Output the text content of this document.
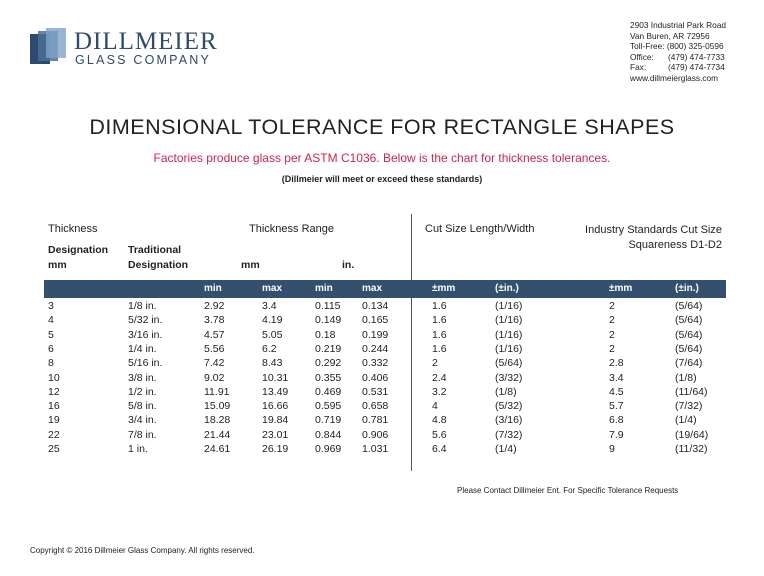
DILLMEIER
GLASS COMPANY
2903 Industrial Park Road
Van Buren, AR 72956
Toll-Free: (800) 325-0596
Office: (479) 474-7733
Fax:	(479) 474-7734
www.dillmeierglass.com
DIMENSIONAL TOLERANCE FOR RECTANGLE SHAPES
Factories produce glass per ASTM C1036. Below is the chart for thickness tolerances.
(Dillmeier will meet or exceed these standards)
Thickness	Thickness Range	Cut Size Length/Width	Industry Standards Cut Size
Squareness D1-D2
Designation
mm
Traditional
Designation	mm	in.
min	max	min	max	±mm	(±in.)	±mm	(±in.)
3	1/8 in.	2.92	3.4	0.115 0.134	1.6	(1/16)	2	(5/64)
4	5/32 in.	3.78	4.19	0.149 0.165	1.6	(1/16)	2	(5/64)
5	3/16 in.	4.57	5.05	0.18	0.199	1.6	(1/16)	2	(5/64)
6	1/4 in.	5.56	6.2	0.219 0.244	1.6	(1/16)	2	(5/64)
8	5/16 in.	7.42	8.43	0.292 0.332	2	(5/64)	2.8	(7/64)
10	3/8 in.	9.02	10.31	0.355 0.406	2.4	(3/32)	3.4	(1/8)
12	1/2 in.	11.91	13.49	0.469 0.531	3.2	(1/8)	4.5	(11/64)
16	5/8 in.	15.09	16.66	0.595 0.658	4	(5/32)	5.7	(7/32)
19	3/4 in.	18.28	19.84	0.719 0.781	4.8	(3/16)	6.8	(1/4)
22	7/8 in.	21.44	23.01	0.844 0.906	5.6	(7/32)	7.9	(19/64)
25	1 in.	24.61	26.19	0.969 1.031	6.4	(1/4)	9	(11/32)
Please Contact Dillmeier Ent. For Specific Tolerance Requests
Copyright © 2016 Dillmeier Glass Company. All rights reserved.
